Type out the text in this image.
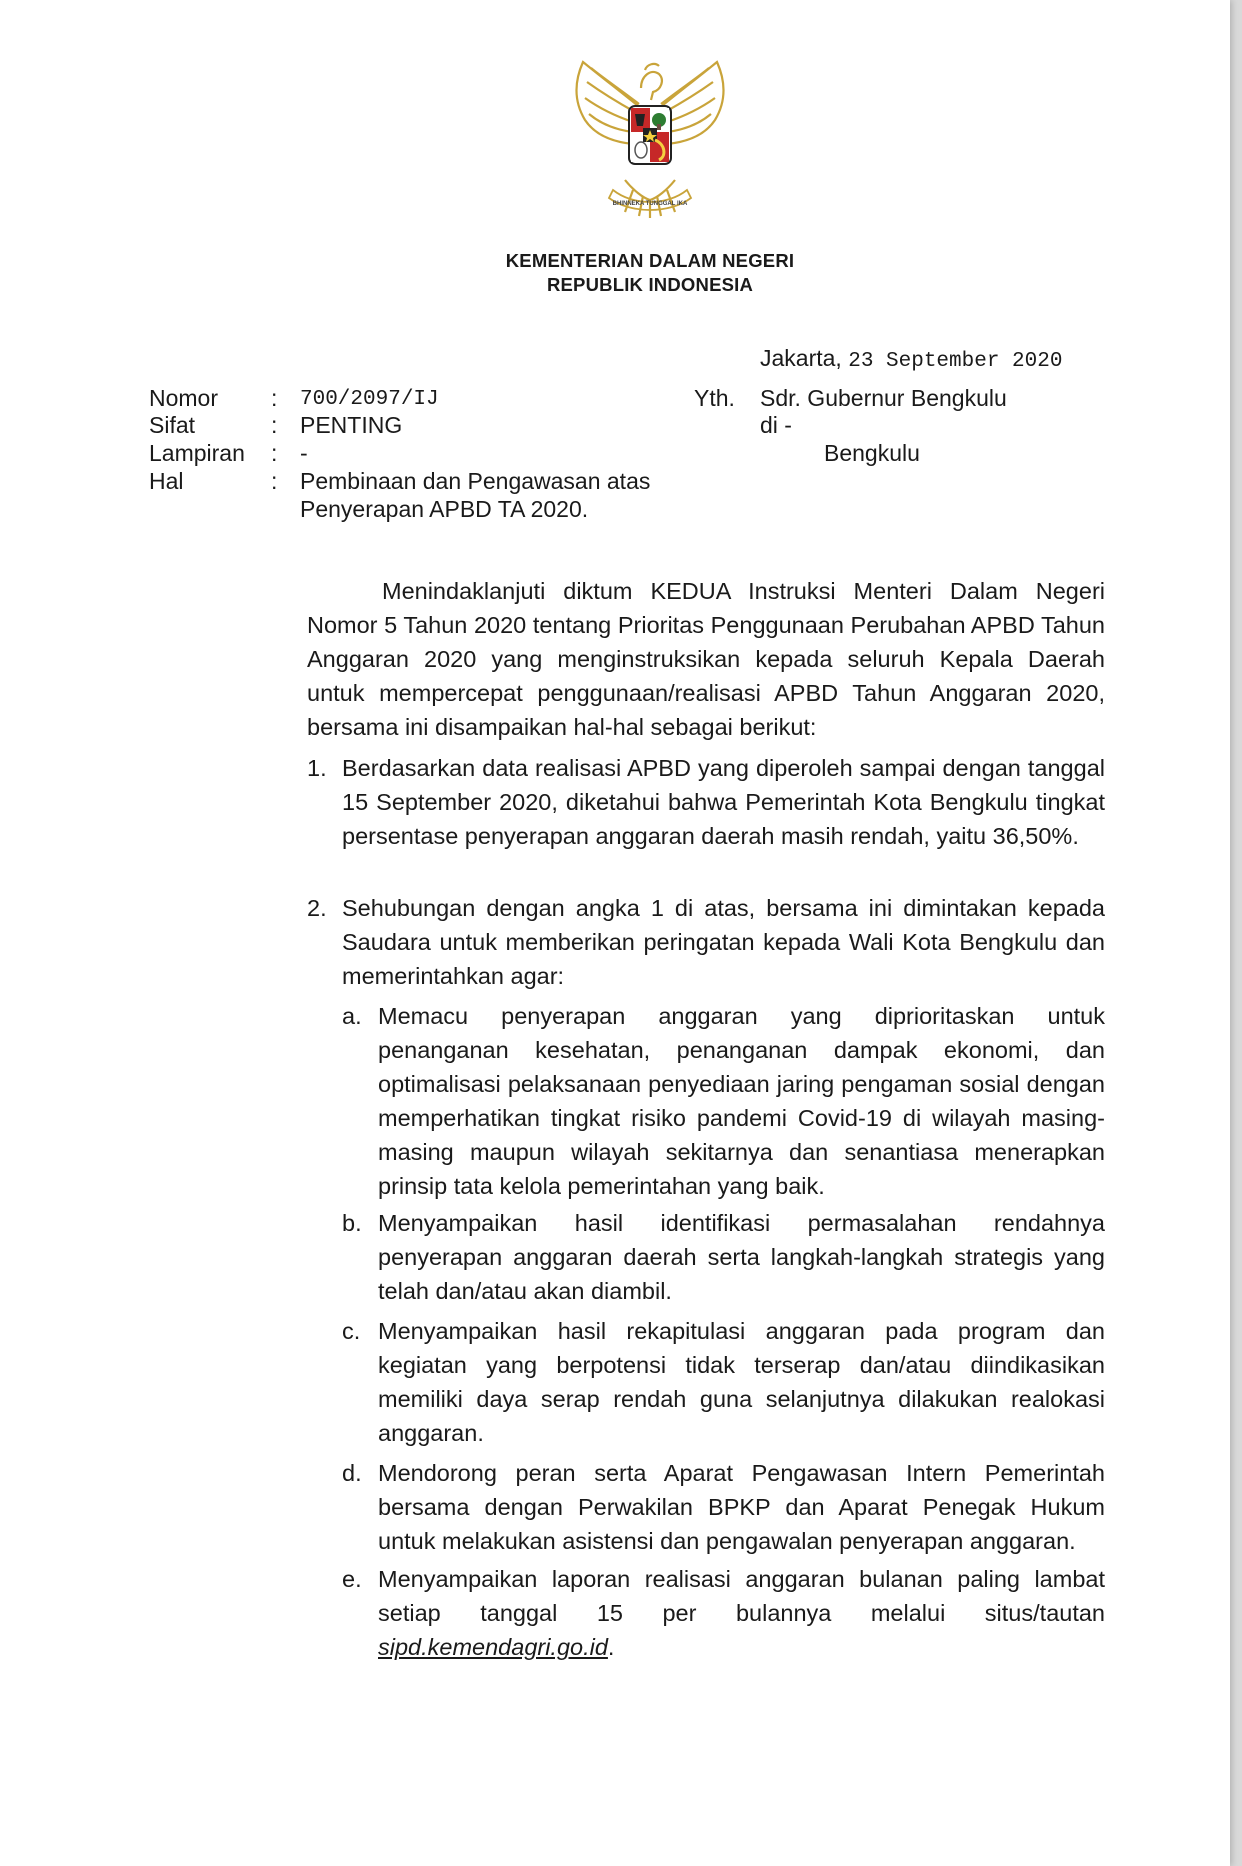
BHINNEKA TUNGGAL IKA
KEMENTERIAN DALAM NEGERI
REPUBLIK INDONESIA
Jakarta, 23 September 2020
Nomor : 700/2097/IJ
Sifat	: PENTING
Lampiran : -
Hal	: Pembinaan dan Pengawasan atas
Penyerapan APBD TA 2020.
Yth. Sdr. Gubernur Bengkulu
di -
Bengkulu
Menindaklanjuti diktum KEDUA Instruksi Menteri Dalam Negeri Nomor 5 Tahun 2020 tentang Prioritas Penggunaan Perubahan APBD Tahun Anggaran 2020 yang menginstruksikan kepada seluruh Kepala Daerah untuk mempercepat penggunaan/realisasi APBD Tahun Anggaran 2020, bersama ini disampaikan hal-hal sebagai berikut:
1. Berdasarkan data realisasi APBD yang diperoleh sampai dengan tanggal 15 September 2020, diketahui bahwa Pemerintah Kota Bengkulu tingkat persentase penyerapan anggaran daerah masih rendah, yaitu 36,50%.
2. Sehubungan dengan angka 1 di atas, bersama ini dimintakan kepada Saudara untuk memberikan peringatan kepada Wali Kota Bengkulu dan memerintahkan agar:
a. Memacu penyerapan anggaran yang diprioritaskan untuk penanganan kesehatan, penanganan dampak ekonomi, dan optimalisasi pelaksanaan penyediaan jaring pengaman sosial dengan memperhatikan tingkat risiko pandemi Covid-19 di wilayah masing-masing maupun wilayah sekitarnya dan senantiasa menerapkan prinsip tata kelola pemerintahan yang baik.
b. Menyampaikan hasil identifikasi permasalahan rendahnya penyerapan anggaran daerah serta langkah-langkah strategis yang telah dan/atau akan diambil.
c. Menyampaikan hasil rekapitulasi anggaran pada program dan kegiatan yang berpotensi tidak terserap dan/atau diindikasikan memiliki daya serap rendah guna selanjutnya dilakukan realokasi anggaran.
d. Mendorong peran serta Aparat Pengawasan Intern Pemerintah bersama dengan Perwakilan BPKP dan Aparat Penegak Hukum untuk melakukan asistensi dan pengawalan penyerapan anggaran.
e. Menyampaikan laporan realisasi anggaran bulanan paling lambat setiap tanggal 15 per bulannya melalui situs/tautan sipd.kemendagri.go.id.
